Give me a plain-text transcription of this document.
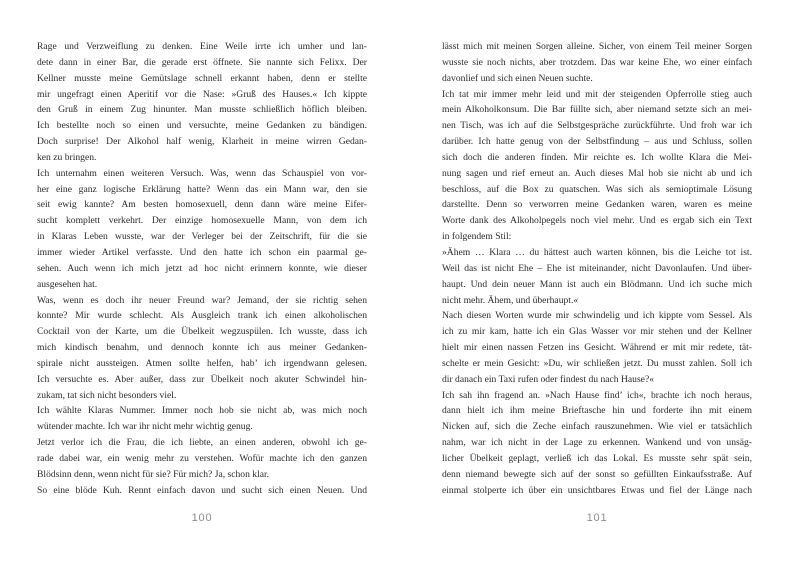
Rage und Verzweiflung zu denken. Eine Weile irrte ich umher und lan-
dete dann in einer Bar, die gerade erst öffnete. Sie nannte sich Felixx. Der
Kellner musste meine Gemütslage schnell erkannt haben, denn er stellte
mir ungefragt einen Aperitif vor die Nase: »Gruß des Hauses.« Ich kippte
den Gruß in einem Zug hinunter. Man musste schließlich höflich bleiben.
Ich bestellte noch so einen und versuchte, meine Gedanken zu bändigen.
Doch surprise! Der Alkohol half wenig, Klarheit in meine wirren Gedan-
ken zu bringen.
Ich unternahm einen weiteren Versuch. Was, wenn das Schauspiel von vor-
her eine ganz logische Erklärung hatte? Wenn das ein Mann war, den sie
seit ewig kannte? Am besten homosexuell, denn dann wäre meine Eifer-
sucht komplett verkehrt. Der einzige homosexuelle Mann, von dem ich
in Klaras Leben wusste, war der Verleger bei der Zeitschrift, für die sie
immer wieder Artikel verfasste. Und den hatte ich schon ein paarmal ge-
sehen. Auch wenn ich mich jetzt ad hoc nicht erinnern konnte, wie dieser
ausgesehen hat.
Was, wenn es doch ihr neuer Freund war? Jemand, der sie richtig sehen
konnte? Mir wurde schlecht. Als Ausgleich trank ich einen alkoholischen
Cocktail von der Karte, um die Übelkeit wegzuspülen. Ich wusste, dass ich
mich kindisch benahm, und dennoch konnte ich aus meiner Gedanken-
spirale nicht aussteigen. Atmen sollte helfen, hab’ ich irgendwann gelesen.
Ich versuchte es. Aber außer, dass zur Übelkeit noch akuter Schwindel hin-
zukam, tat sich nicht besonders viel.
Ich wählte Klaras Nummer. Immer noch hob sie nicht ab, was mich noch
wütender machte. Ich war ihr nicht mehr wichtig genug.
Jetzt verlor ich die Frau, die ich liebte, an einen anderen, obwohl ich ge-
rade dabei war, ein wenig mehr zu verstehen. Wofür machte ich den ganzen
Blödsinn denn, wenn nicht für sie? Für mich? Ja, schon klar.
So eine blöde Kuh. Rennt einfach davon und sucht sich einen Neuen. Und
lässt mich mit meinen Sorgen alleine. Sicher, von einem Teil meiner Sorgen
wusste sie noch nichts, aber trotzdem. Das war keine Ehe, wo einer einfach
davonlief und sich einen Neuen suchte.
Ich tat mir immer mehr leid und mit der steigenden Opferrolle stieg auch
mein Alkoholkonsum. Die Bar füllte sich, aber niemand setzte sich an mei-
nen Tisch, was ich auf die Selbstgespräche zurückführte. Und froh war ich
darüber. Ich hatte genug von der Selbstfindung – aus und Schluss, sollen
sich doch die anderen finden. Mir reichte es. Ich wollte Klara die Mei-
nung sagen und rief erneut an. Auch dieses Mal hob sie nicht ab und ich
beschloss, auf die Box zu quatschen. Was sich als semioptimale Lösung
darstellte. Denn so verworren meine Gedanken waren, waren es meine
Worte dank des Alkoholpegels noch viel mehr. Und es ergab sich ein Text
in folgendem Stil:
»Ähem … Klara … du hättest auch warten können, bis die Leiche tot ist.
Weil das ist nicht Ehe – Ehe ist miteinander, nicht Davonlaufen. Und über-
haupt. Und dein neuer Mann ist auch ein Blödmann. Und ich suche mich
nicht mehr. Ähem, und überhaupt.«
Nach diesen Worten wurde mir schwindelig und ich kippte vom Sessel. Als
ich zu mir kam, hatte ich ein Glas Wasser vor mir stehen und der Kellner
hielt mir einen nassen Fetzen ins Gesicht. Während er mit mir redete, tät-
schelte er mein Gesicht: »Du, wir schließen jetzt. Du musst zahlen. Soll ich
dir danach ein Taxi rufen oder findest du nach Hause?«
Ich sah ihn fragend an. »Nach Hause find’ ich«, brachte ich noch heraus,
dann hielt ich ihm meine Brieftasche hin und forderte ihn mit einem
Nicken auf, sich die Zeche einfach rauszunehmen. Wie viel er tatsächlich
nahm, war ich nicht in der Lage zu erkennen. Wankend und von unsäg-
licher Übelkeit geplagt, verließ ich das Lokal. Es musste sehr spät sein,
denn niemand bewegte sich auf der sonst so gefüllten Einkaufsstraße. Auf
einmal stolperte ich über ein unsichtbares Etwas und fiel der Länge nach
100	101
